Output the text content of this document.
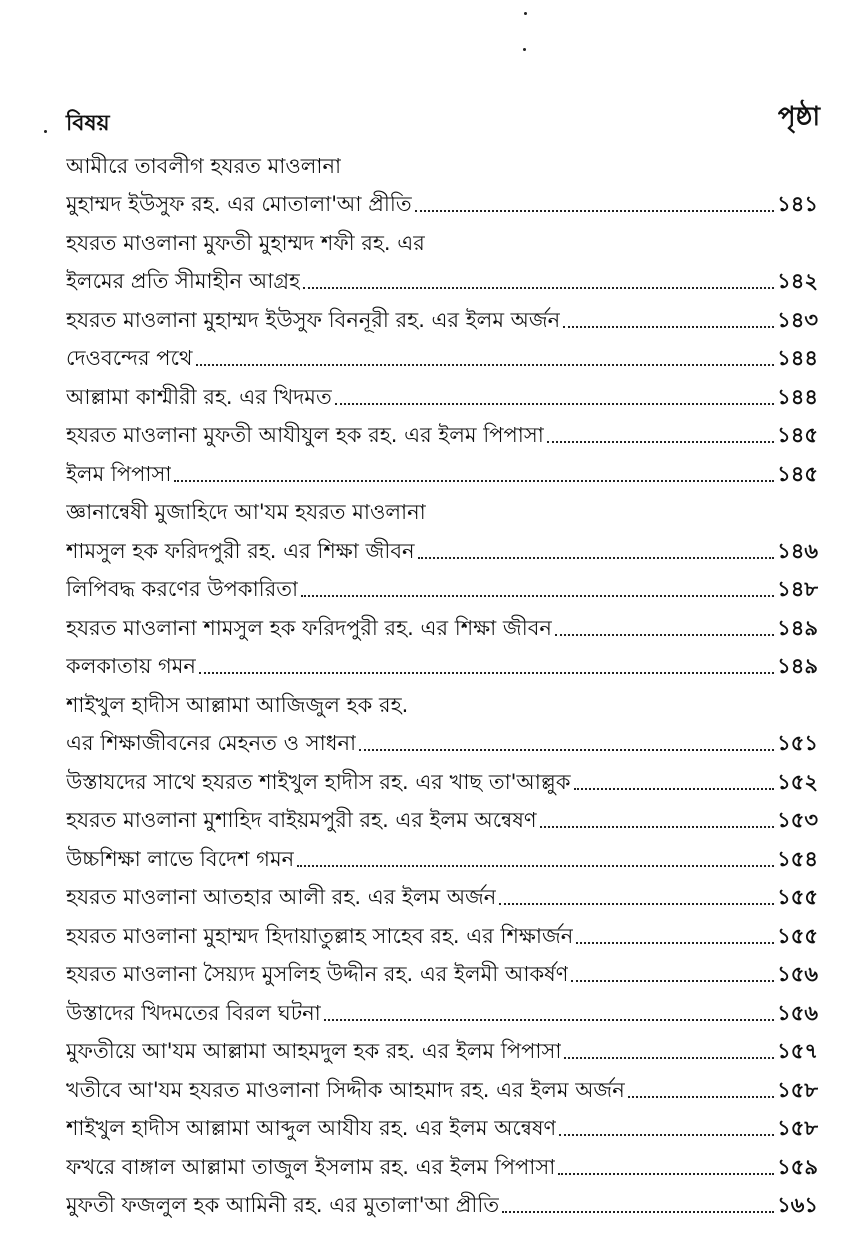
বিষয়	পৃষ্ঠা
আমীরে তাবলীগ হযরত মাওলানা
মুহাম্মদ ইউসুফ রহ. এর মোতালা'আ প্রীতি	১৪১
হযরত মাওলানা মুফতী মুহাম্মদ শফী রহ. এর
ইলমের প্রতি সীমাহীন আগ্রহ	১৪২
হযরত মাওলানা মুহাম্মদ ইউসুফ বিননূরী রহ. এর ইলম অর্জন	১৪৩
দেওবন্দের পথে	১৪৪
আল্লামা কাশ্মীরী রহ. এর খিদমত	১৪৪
হযরত মাওলানা মুফতী আযীযুল হক রহ. এর ইলম পিপাসা	১৪৫
ইলম পিপাসা	১৪৫
জ্ঞানান্বেষী মুজাহিদে আ'যম হযরত মাওলানা
শামসুল হক ফরিদপুরী রহ. এর শিক্ষা জীবন	১৪৬
লিপিবদ্ধ করণের উপকারিতা	১৪৮
হযরত মাওলানা শামসুল হক ফরিদপুরী রহ. এর শিক্ষা জীবন	১৪৯
কলকাতায় গমন	১৪৯
শাইখুল হাদীস আল্লামা আজিজুল হক রহ.
এর শিক্ষাজীবনের মেহনত ও সাধনা	১৫১
উস্তাযদের সাথে হযরত শাইখুল হাদীস রহ. এর খাছ তা'আল্লুক	১৫২
হযরত মাওলানা মুশাহিদ বাইয়মপুরী রহ. এর ইলম অন্বেষণ	১৫৩
উচ্চশিক্ষা লাভে বিদেশ গমন	১৫৪
হযরত মাওলানা আতহার আলী রহ. এর ইলম অর্জন	১৫৫
হযরত মাওলানা মুহাম্মদ হিদায়াতুল্লাহ সাহেব রহ. এর শিক্ষার্জন	১৫৫
হযরত মাওলানা সৈয়্যদ মুসলিহ উদ্দীন রহ. এর ইলমী আকর্ষণ	১৫৬
উস্তাদের খিদমতের বিরল ঘটনা	১৫৬
মুফতীয়ে আ'যম আল্লামা আহমদুল হক রহ. এর ইলম পিপাসা	১৫৭
খতীবে আ'যম হযরত মাওলানা সিদ্দীক আহমাদ রহ. এর ইলম অর্জন	১৫৮
শাইখুল হাদীস আল্লামা আব্দুল আযীয রহ. এর ইলম অন্বেষণ	১৫৮
ফখরে বাঙ্গাল আল্লামা তাজুল ইসলাম রহ. এর ইলম পিপাসা	১৫৯
মুফতী ফজলুল হক আমিনী রহ. এর মুতালা'আ প্রীতি	১৬১
